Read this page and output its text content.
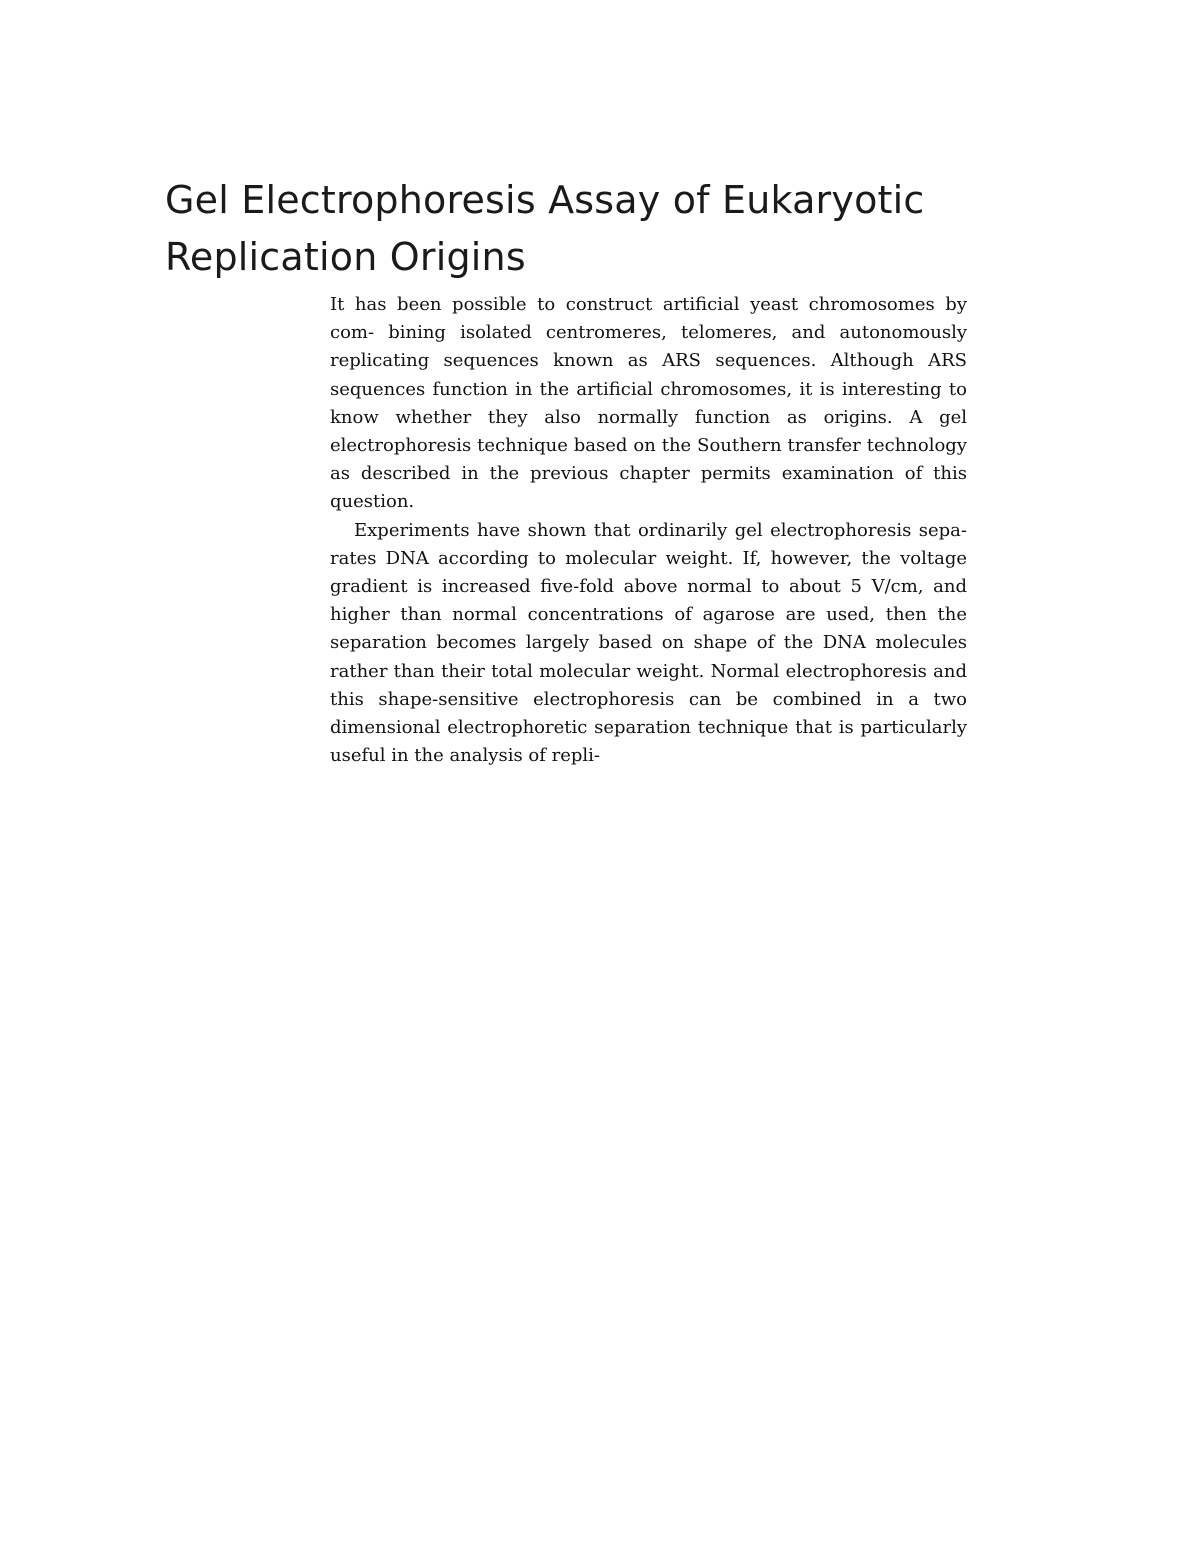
Gel Electrophoresis Assay of Eukaryotic Replication Origins

It has been possible to construct artificial yeast chromosomes by com- bining isolated centromeres, telomeres, and autonomously replicating sequences known as ARS sequences. Although ARS sequences function in the artificial chromosomes, it is interesting to know whether they also normally function as origins. A gel electrophoresis technique based on the Southern transfer technology as described in the previous chapter permits examination of this question.

Experiments have shown that ordinarily gel electrophoresis sepa- rates DNA according to molecular weight. If, however, the voltage gradient is increased five-fold above normal to about 5 V/cm, and higher than normal concentrations of agarose are used, then the separation becomes largely based on shape of the DNA molecules rather than their total molecular weight. Normal electrophoresis and this shape-sensitive electrophoresis can be combined in a two dimensional electrophoretic separation technique that is particularly useful in the analysis of repli-
